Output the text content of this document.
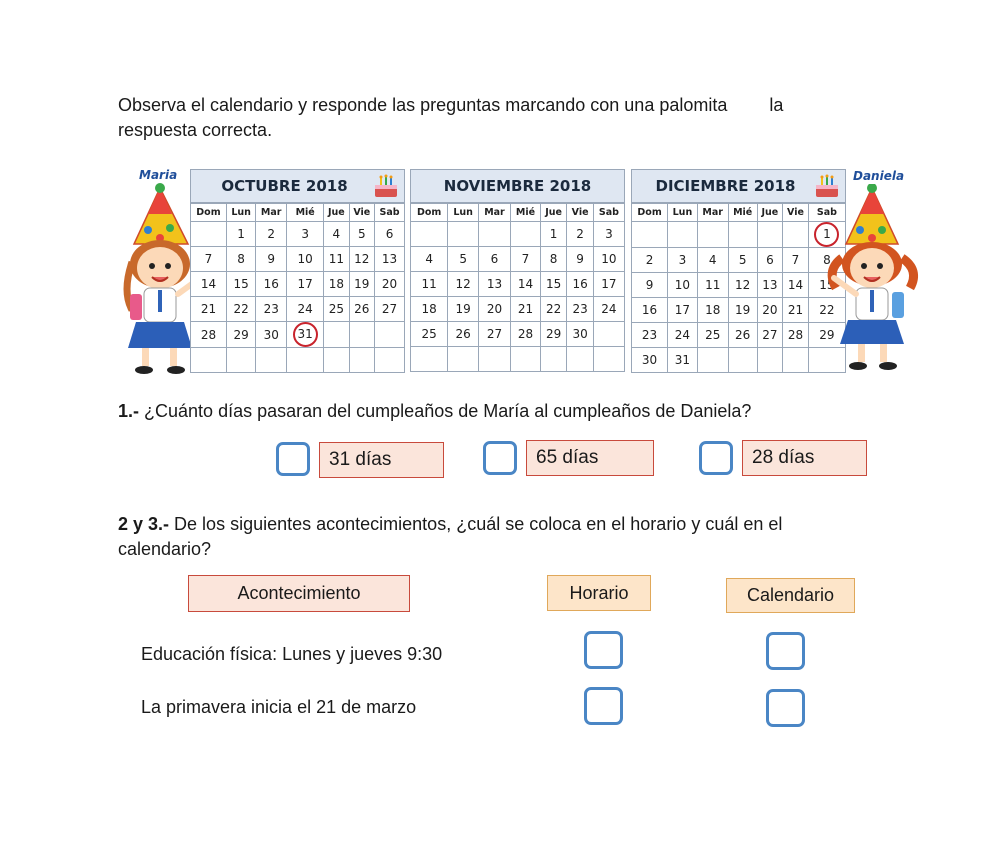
Observa el calendario y responde las preguntas marcando con una palomita la
respuesta correcta.
Maria
OCTUBRE 2018
Dom	Lun	Mar	Mié	Jue	Vie	Sab
	1	2	3	4	5	6
7	8	9	10	11	12	13
14	15	16	17	18	19	20
21	22	23	24	25	26	27
28	29	30	31			

NOVIEMBRE 2018
Dom	Lun	Mar	Mié	Jue	Vie	Sab
				1	2	3
4	5	6	7	8	9	10
11	12	13	14	15	16	17
18	19	20	21	22	23	24
25	26	27	28	29	30	

DICIEMBRE 2018
Dom	Lun	Mar	Mié	Jue	Vie	Sab
						1
2	3	4	5	6	7	8
9	10	11	12	13	14	15
16	17	18	19	20	21	22
23	24	25	26	27	28	29
30	31					
Daniela
1.- ¿Cuánto días pasaran del cumpleaños de María al cumpleaños de Daniela?
31 días	65 días	28 días
2 y 3.- De los siguientes acontecimientos, ¿cuál se coloca en el horario y cuál en el
calendario?
Acontecimiento	Horario	Calendario
Educación física: Lunes y jueves 9:30
La primavera inicia el 21 de marzo
